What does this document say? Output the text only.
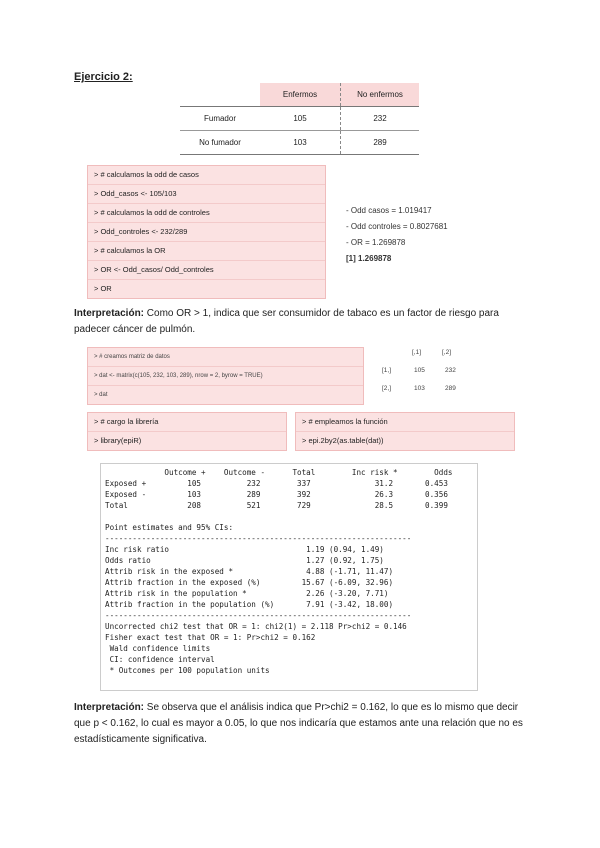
Ejercicio 2:
	Enfermos	No enfermos
Fumador	105	232
No fumador	103	289
> # calculamos la odd de casos
> Odd_casos <- 105/103
> # calculamos la odd de controles
> Odd_controles <- 232/289
> # calculamos la OR
> OR <- Odd_casos/ Odd_controles
> OR
- Odd casos = 1.019417
- Odd controles = 0.8027681
- OR = 1.269878
[1] 1.269878
Interpretación: Como OR > 1, indica que ser consumidor de tabaco es un factor de riesgo para padecer cáncer de pulmón.
> # creamos matriz de datos
> dat <- matrix(c(105, 232, 103, 289), nrow = 2, byrow = TRUE)
> dat
[,1]	[,2]
[1,]	105	232
[2,]	103	289
> # cargo la librería
> library(epiR)
> # empleamos la función
> epi.2by2(as.table(dat))
Outcome +    Outcome -      Total        Inc risk *        Odds
Exposed +         105          232        337              31.2       0.453
Exposed -         103          289        392              26.3       0.356
Total             208          521        729              28.5       0.399

Point estimates and 95% CIs:
-------------------------------------------------------------------
Inc risk ratio                              1.19 (0.94, 1.49)
Odds ratio                                  1.27 (0.92, 1.75)
Attrib risk in the exposed *                4.88 (-1.71, 11.47)
Attrib fraction in the exposed (%)         15.67 (-6.09, 32.96)
Attrib risk in the population *             2.26 (-3.20, 7.71)
Attrib fraction in the population (%)       7.91 (-3.42, 18.00)
-------------------------------------------------------------------
Uncorrected chi2 test that OR = 1: chi2(1) = 2.118 Pr>chi2 = 0.146
Fisher exact test that OR = 1: Pr>chi2 = 0.162
Wald confidence limits
CI: confidence interval
* Outcomes per 100 population units
Interpretación: Se observa que el análisis indica que Pr>chi2 = 0.162, lo que es lo mismo que decir que p < 0.162, lo cual es mayor a 0.05, lo que nos indicaría que estamos ante una relación que no es estadísticamente significativa.
